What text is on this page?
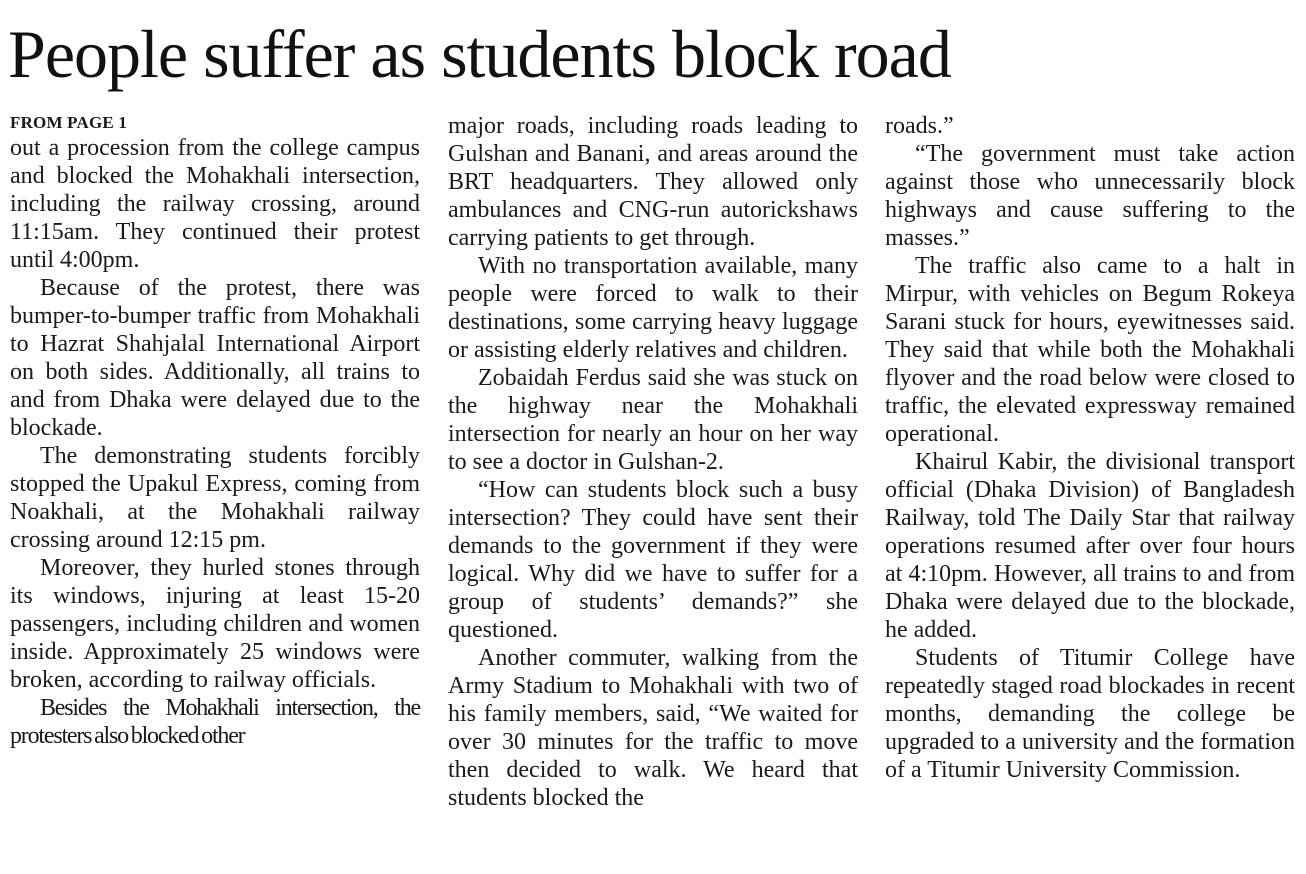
People suffer as students block road

FROM PAGE 1

out a procession from the college campus and blocked the Mohakhali intersection, including the railway crossing, around 11:15am. They continued their protest until 4:00pm.

Because of the protest, there was bumper-to-bumper traffic from Mohakhali to Hazrat Shahjalal International Airport on both sides. Additionally, all trains to and from Dhaka were delayed due to the blockade.

The demonstrating students forcibly stopped the Upakul Express, coming from Noakhali, at the Mohakhali railway crossing around 12:15 pm.

Moreover, they hurled stones through its windows, injuring at least 15-20 passengers, including children and women inside. Approximately 25 windows were broken, according to railway officials.

Besides the Mohakhali intersection, the protesters also blocked other

major roads, including roads leading to Gulshan and Banani, and areas around the BRT headquarters. They allowed only ambulances and CNG-run autorickshaws carrying patients to get through.

With no transportation available, many people were forced to walk to their destinations, some carrying heavy luggage or assisting elderly relatives and children.

Zobaidah Ferdus said she was stuck on the highway near the Mohakhali intersection for nearly an hour on her way to see a doctor in Gulshan-2.

“How can students block such a busy intersection? They could have sent their demands to the government if they were logical. Why did we have to suffer for a group of students’ demands?” she questioned.

Another commuter, walking from the Army Stadium to Mohakhali with two of his family members, said, “We waited for over 30 minutes for the traffic to move then decided to walk. We heard that students blocked the

roads.”

“The government must take action against those who unnecessarily block highways and cause suffering to the masses.”

The traffic also came to a halt in Mirpur, with vehicles on Begum Rokeya Sarani stuck for hours, eyewitnesses said. They said that while both the Mohakhali flyover and the road below were closed to traffic, the elevated expressway remained operational.

Khairul Kabir, the divisional transport official (Dhaka Division) of Bangladesh Railway, told The Daily Star that railway operations resumed after over four hours at 4:10pm. However, all trains to and from Dhaka were delayed due to the blockade, he added.

Students of Titumir College have repeatedly staged road blockades in recent months, demanding the college be upgraded to a university and the formation of a Titumir University Commission.
